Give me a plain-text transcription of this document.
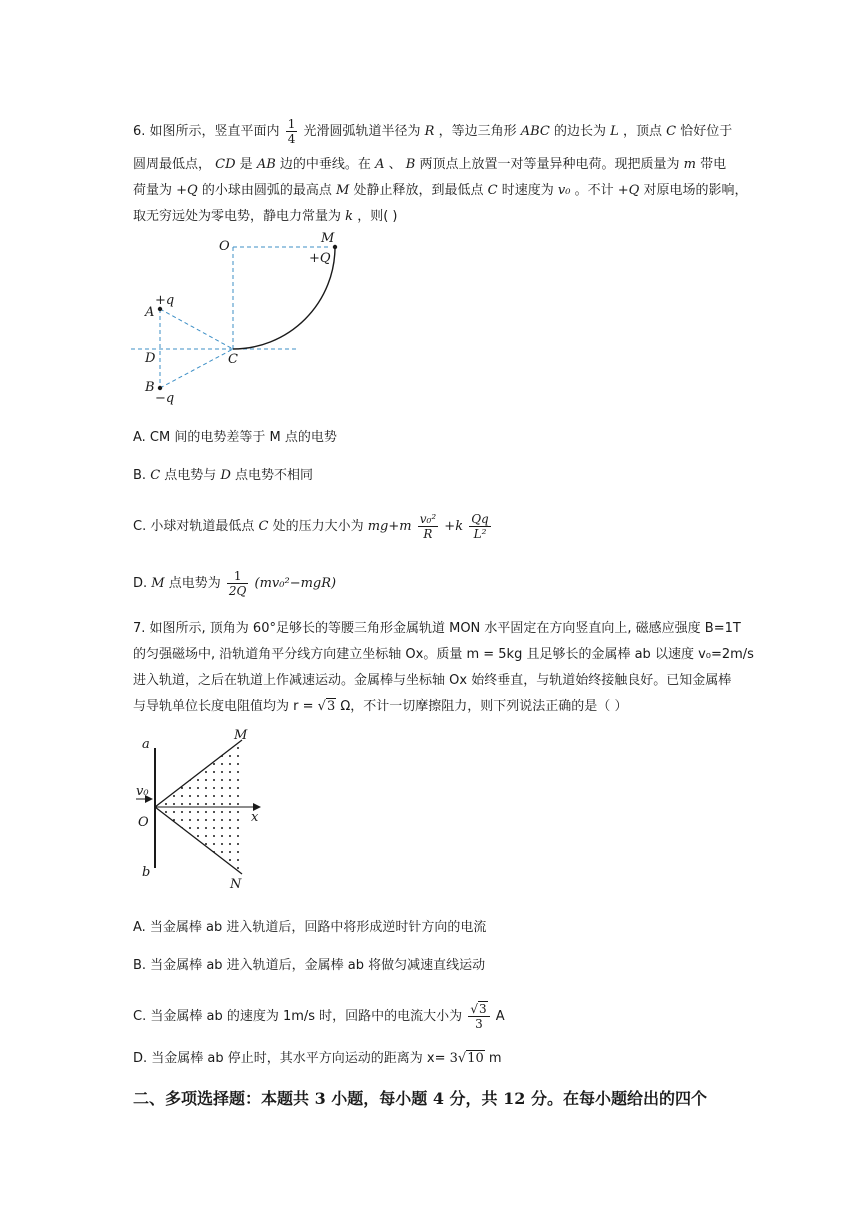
6. 如图所示，竖直平面内 $\frac{1}{4}$ 光滑圆弧轨道半径为 R ，等边三角形 ABC 的边长为 L ，顶点 C 恰好位于
圆周最低点， CD 是 AB 边的中垂线。在 A 、 B 两顶点上放置一对等量异种电荷。现把质量为 m 带电
荷量为 +Q 的小球由圆弧的最高点 M 处静止释放，到最低点 C 时速度为 v₀ 。不计 +Q 对原电场的影响，
取无穷远处为零电势，静电力常量为 k ，则( )
O
M
+Q
+q
A
D	C
B
−q
A. CM 间的电势差等于 M 点的电势
B. C 点电势与 D 点电势不相同
C. 小球对轨道最低点 C 处的压力大小为 $mg+m \frac{\text{v₀²}}{R} +k \frac{Qq}{\text{L²}}$
D. M 点电势为 $\frac{1}{2Q} (mv_0^2-mgR)$
7. 如图所示, 顶角为 60°足够长的等腰三角形金属轨道 MON 水平固定在方向竖直向上, 磁感应强度 B=1T
的匀强磁场中, 沿轨道角平分线方向建立坐标轴 Ox。质量 m = 5kg 且足够长的金属棒 ab 以速度 v₀=2m/s
进入轨道，之后在轨道上作减速运动。金属棒与坐标轴 Ox 始终垂直，与轨道始终接触良好。已知金属棒
与导轨单位长度电阻值均为 r = √3 Ω，不计一切摩擦阻力，则下列说法正确的是（ ）
a
M
v₀
O	x
b
N
A. 当金属棒 ab 进入轨道后，回路中将形成逆时针方向的电流
B. 当金属棒 ab 进入轨道后，金属棒 ab 将做匀减速直线运动
C. 当金属棒 ab 的速度为 1m/s 时，回路中的电流大小为 $\frac{√3}{3}$ A
D. 当金属棒 ab 停止时，其水平方向运动的距离为 x= 3√10 m
二、多项选择题：本题共 3 小题，每小题 4 分，共 12 分。在每小题给出的四个
